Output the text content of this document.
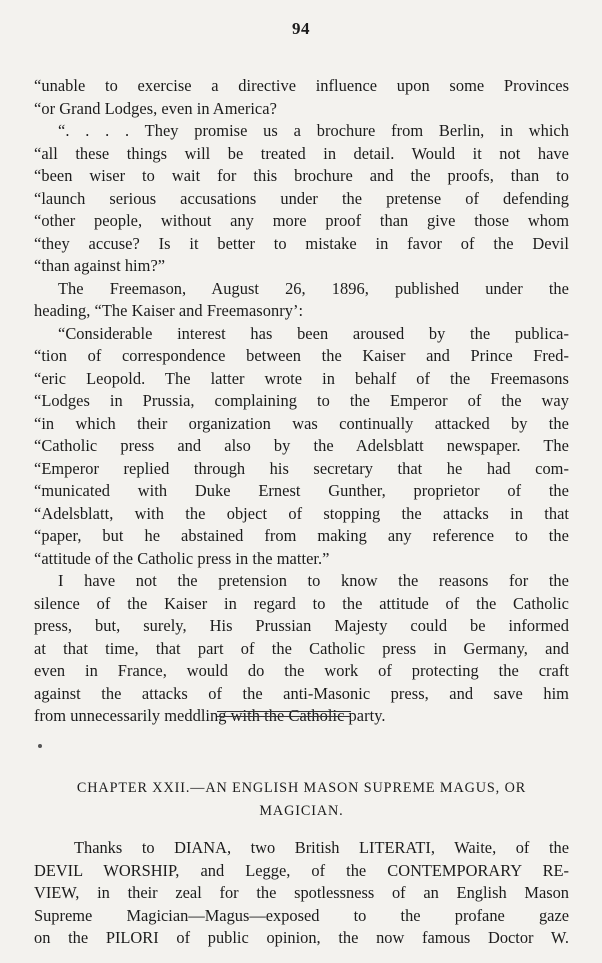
94
“unable to exercise a directive influence upon some Provinces
“or Grand Lodges, even in America?
“. . . . They promise us a brochure from Berlin, in which
“all these things will be treated in detail. Would it not have
“been wiser to wait for this brochure and the proofs, than to
“launch serious accusations under the pretense of defending
“other people, without any more proof than give those whom
“they accuse? Is it better to mistake in favor of the Devil
“than against him?”
The Freemason, August 26, 1896, published under the
heading, “The Kaiser and Freemasonry’:
“Considerable interest has been aroused by the publica-
“tion of correspondence between the Kaiser and Prince Fred-
“eric Leopold. The latter wrote in behalf of the Freemasons
“Lodges in Prussia, complaining to the Emperor of the way
“in which their organization was continually attacked by the
“Catholic press and also by the Adelsblatt newspaper. The
“Emperor replied through his secretary that he had com-
“municated with Duke Ernest Gunther, proprietor of the
“Adelsblatt, with the object of stopping the attacks in that
“paper, but he abstained from making any reference to the
“attitude of the Catholic press in the matter.”
I have not the pretension to know the reasons for the
silence of the Kaiser in regard to the attitude of the Catholic
press, but, surely, His Prussian Majesty could be informed
at that time, that part of the Catholic press in Germany, and
even in France, would do the work of protecting the craft
against the attacks of the anti-Masonic press, and save him
from unnecessarily meddling with the Catholic party.
CHAPTER XXII.—AN ENGLISH MASON SUPREME MAGUS, OR
MAGICIAN.
Thanks to DIANA, two British LITERATI, Waite, of the
DEVIL WORSHIP, and Legge, of the CONTEMPORARY RE-
VIEW, in their zeal for the spotlessness of an English Mason
Supreme Magician—Magus—exposed to the profane gaze
on the PILORI of public opinion, the now famous Doctor W.
